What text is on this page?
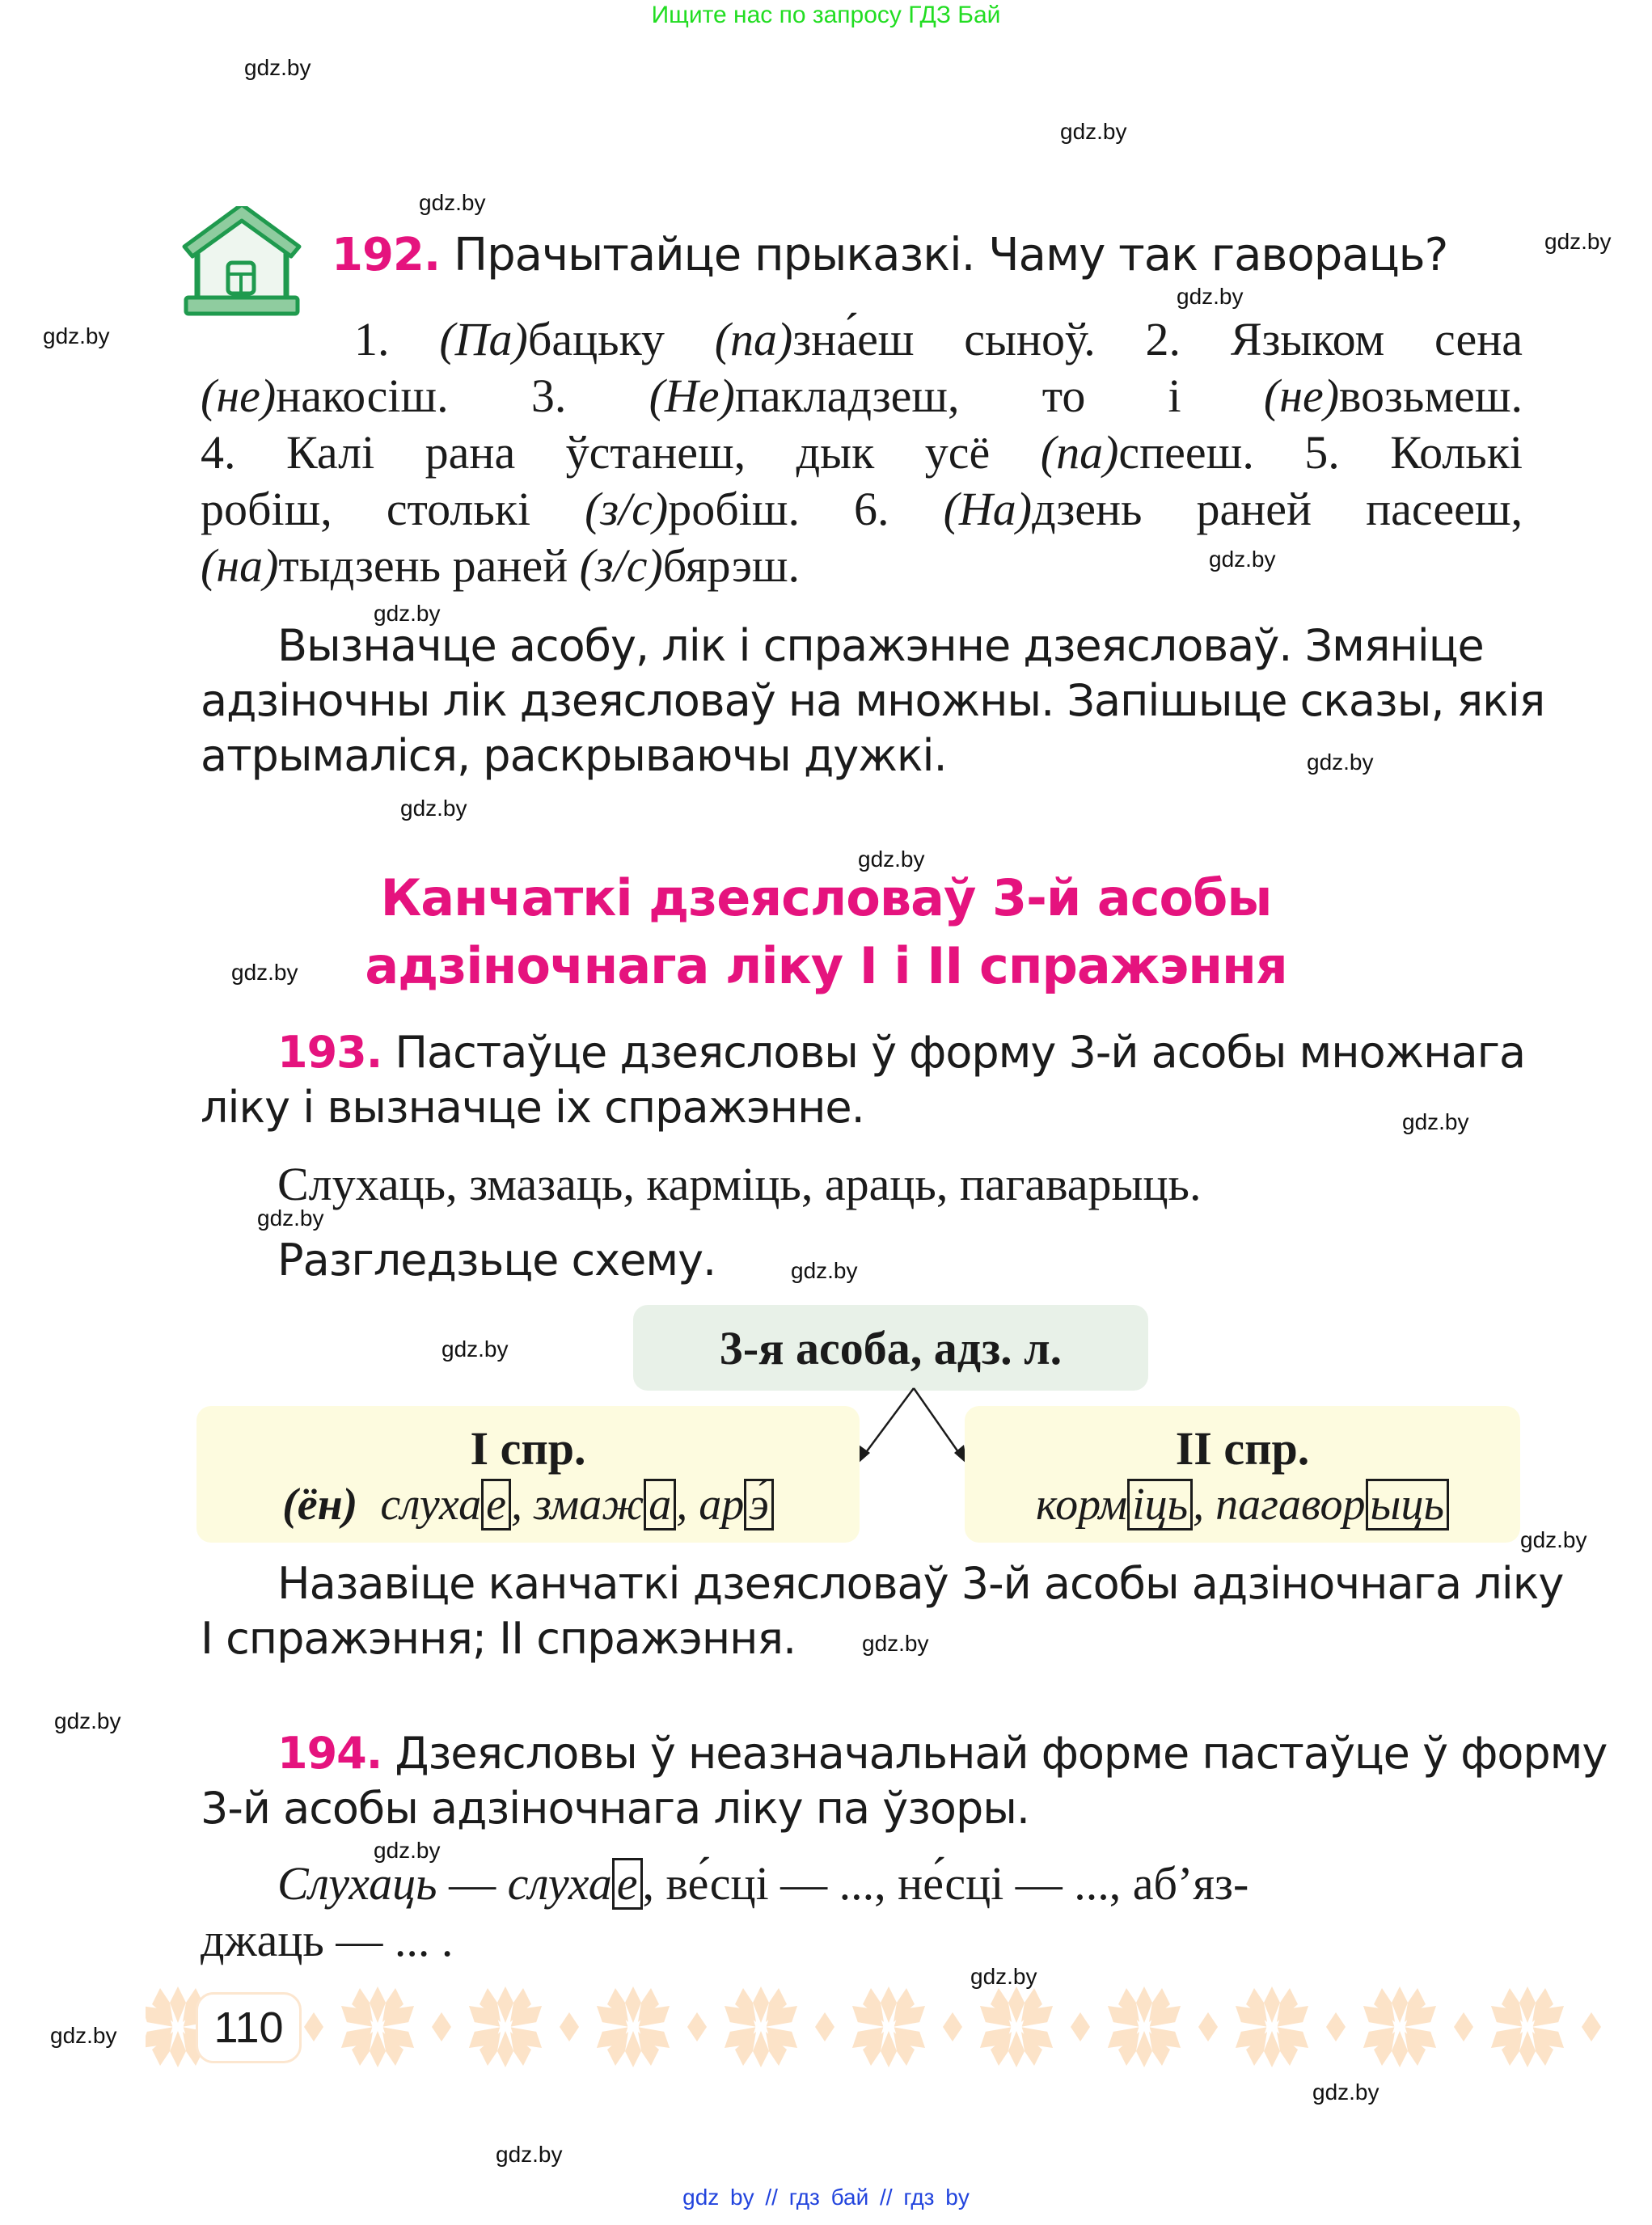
Ищите нас по запросу ГДЗ Бай
gdz.by
gdz.by
gdz.by
gdz.by
gdz.by
gdz.by
gdz.by
gdz.by
gdz.by
gdz.by
gdz.by
gdz.by
gdz.by
gdz.by
gdz.by
gdz.by
gdz.by
gdz.by
gdz.by
gdz.by
gdz.by
gdz.by
gdz.by
gdz.by
192. Прачытайце прыказкі. Чаму так гавораць?
1. (Па)бацьку (па)зна́еш сыноў. 2. Языком сена
(не)накосіш. 3. (Не)пакладзеш, то і (не)возьмеш.
4. Калі рана ўстанеш, дык усё (па)спееш. 5. Колькі
робіш, столькі (з/с)робіш. 6. (На)дзень раней пасееш,
(на)тыдзень раней (з/с)бярэш.
Вызначце асобу, лік і спражэнне дзеясловаў. Змяніце
адзіночны лік дзеясловаў на множны. Запішыце сказы, якія
атрымаліся, раскрываючы дужкі.
Канчаткі дзеясловаў 3-й асобы
адзіночнага ліку I і II спражэння
193. Пастаўце дзеясловы ў форму 3-й асобы множнага
ліку і вызначце іх спражэнне.
Слухаць, змазаць, карміць, араць, пагаварыць.
Разгледзьце схему.
3-я асоба, адз. л.
I спр.
(ён) слуха е , змаж а , ар э́
II спр.
корм іць , пагавор ыць
Назавіце канчаткі дзеясловаў 3-й асобы адзіночнага ліку
I спражэння; II спражэння.
194. Дзеясловы ў неазначальнай форме пастаўце ў форму
3-й асобы адзіночнага ліку па ўзоры.
Слухаць — слуха е , ве́сці — ..., не́сці — ..., аб’яз-
джаць — ... .
110
gdz by // гдз бай // гдз by
